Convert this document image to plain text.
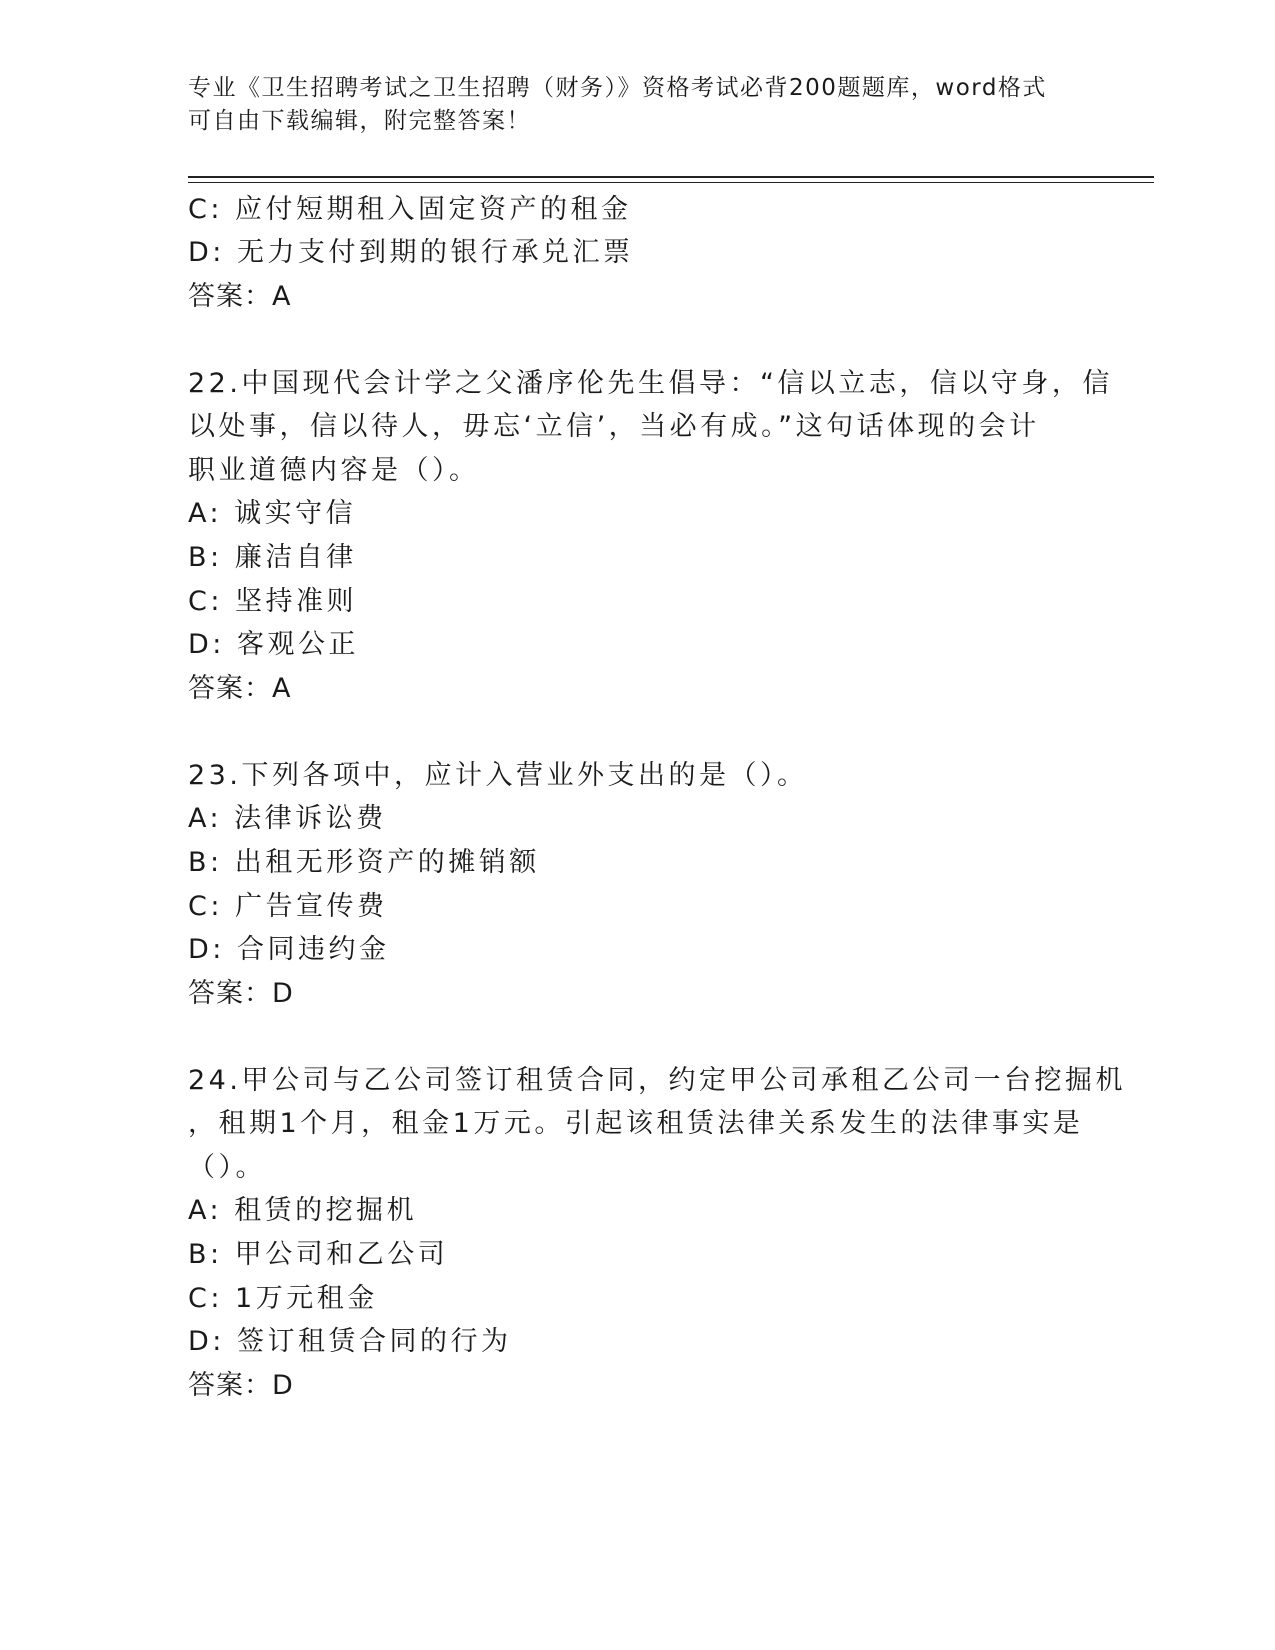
专业《卫生招聘考试之卫生招聘（财务）》资格考试必背200题题库，word格式
可自由下载编辑，附完整答案！
C: 应付短期租入固定资产的租金
D: 无力支付到期的银行承兑汇票
答案：A
22.中国现代会计学之父潘序伦先生倡导：“信以立志，信以守身，信
以处事，信以待人，毋忘‘立信’，当必有成。”这句话体现的会计
职业道德内容是（）。
A: 诚实守信
B: 廉洁自律
C: 坚持准则
D: 客观公正
答案：A
23.下列各项中，应计入营业外支出的是（）。
A: 法律诉讼费
B: 出租无形资产的摊销额
C: 广告宣传费
D: 合同违约金
答案：D
24.甲公司与乙公司签订租赁合同，约定甲公司承租乙公司一台挖掘机
，租期1个月，租金1万元。引起该租赁法律关系发生的法律事实是
（）。
A: 租赁的挖掘机
B: 甲公司和乙公司
C: 1万元租金
D: 签订租赁合同的行为
答案：D
